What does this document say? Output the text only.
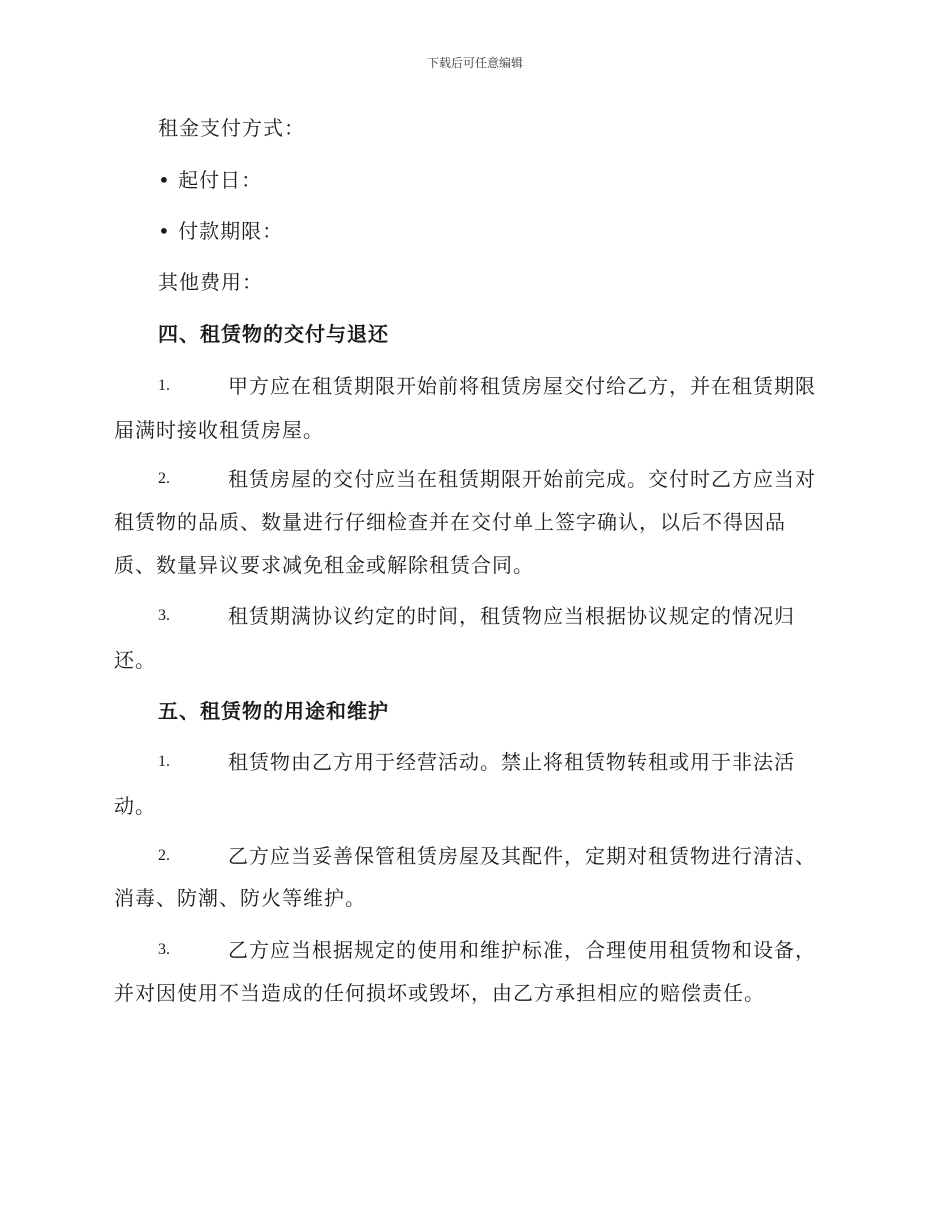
下载后可任意编辑
租金支付方式：
• 起付日：
• 付款期限：
其他费用：
四、租赁物的交付与退还
1.	甲方应在租赁期限开始前将租赁房屋交付给乙方，并在租赁期限
届满时接收租赁房屋。
2.	租赁房屋的交付应当在租赁期限开始前完成。交付时乙方应当对
租赁物的品质、数量进行仔细检查并在交付单上签字确认，以后不得因品
质、数量异议要求减免租金或解除租赁合同。
3.	租赁期满协议约定的时间，租赁物应当根据协议规定的情况归
还。
五、租赁物的用途和维护
1.	租赁物由乙方用于经营活动。禁止将租赁物转租或用于非法活
动。
2.	乙方应当妥善保管租赁房屋及其配件，定期对租赁物进行清洁、
消毒、防潮、防火等维护。
3.	乙方应当根据规定的使用和维护标准，合理使用租赁物和设备，
并对因使用不当造成的任何损坏或毁坏，由乙方承担相应的赔偿责任。
